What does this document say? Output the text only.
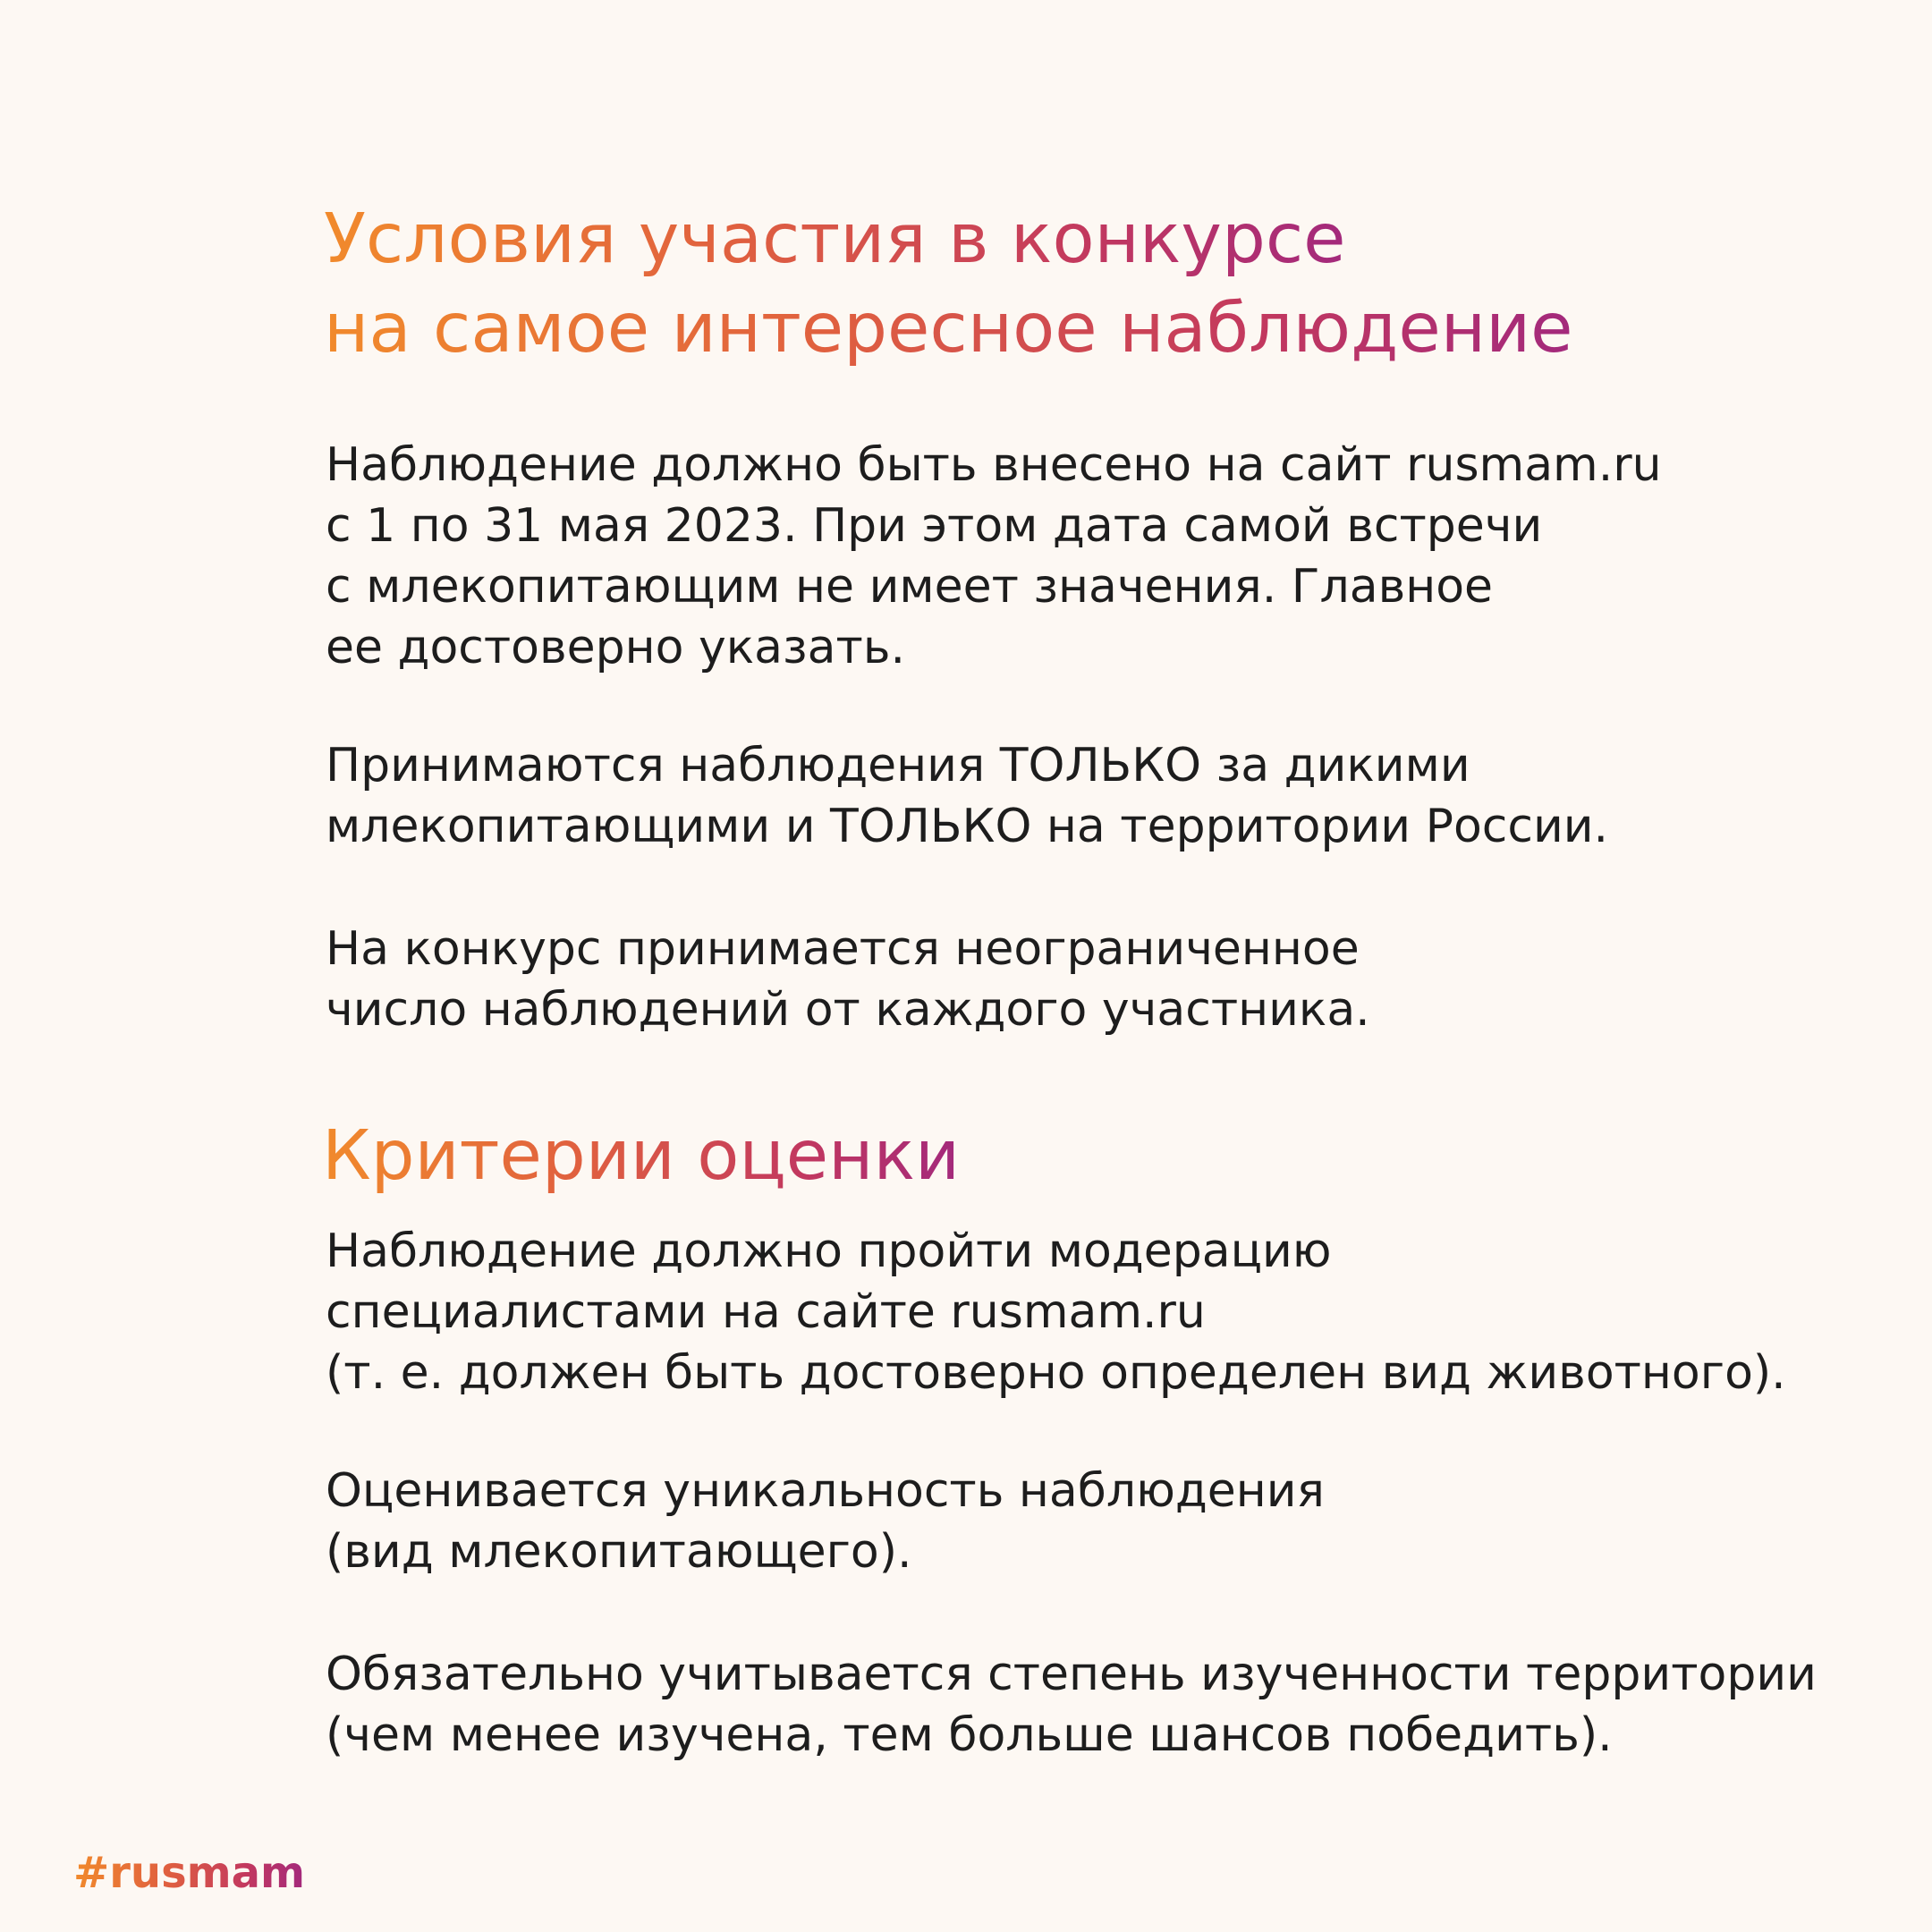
Условия участия в конкурсе
на самое интересное наблюдение
Наблюдение должно быть внесено на сайт rusmam.ru
с 1 по 31 мая 2023. При этом дата самой встречи
с млекопитающим не имеет значения. Главное
ее достоверно указать.
Принимаются наблюдения ТОЛЬКО за дикими
млекопитающими и ТОЛЬКО на территории России.
На конкурс принимается неограниченное
число наблюдений от каждого участника.
Критерии оценки
Наблюдение должно пройти модерацию
специалистами на сайте rusmam.ru
(т. е. должен быть достоверно определен вид животного).
Оценивается уникальность наблюдения
(вид млекопитающего).
Обязательно учитывается степень изученности территории
(чем менее изучена, тем больше шансов победить).
#rusmam
